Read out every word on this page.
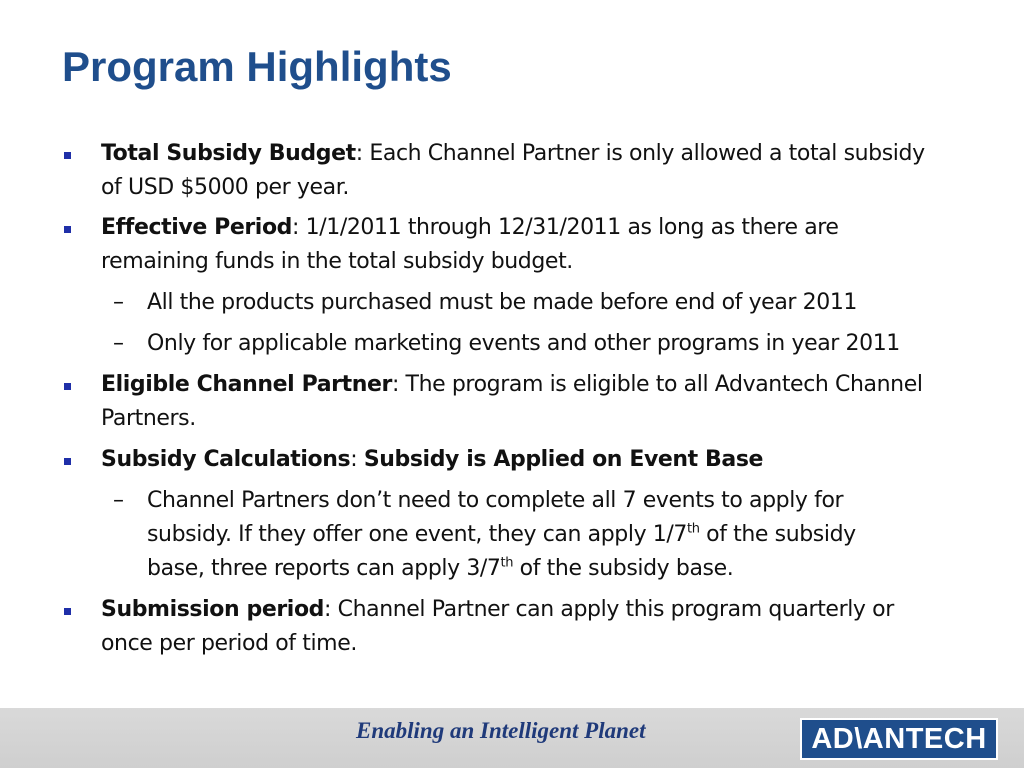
Program Highlights
Total Subsidy Budget: Each Channel Partner is only allowed a total subsidy
of USD $5000 per year.
Effective Period: 1/1/2011 through 12/31/2011 as long as there are
remaining funds in the total subsidy budget.
– All the products purchased must be made before end of year 2011
– Only for applicable marketing events and other programs in year 2011
Eligible Channel Partner: The program is eligible to all Advantech Channel
Partners.
Subsidy Calculations: Subsidy is Applied on Event Base
– Channel Partners don’t need to complete all 7 events to apply for
subsidy. If they offer one event, they can apply 1/7th of the subsidy
base, three reports can apply 3/7th of the subsidy base.
Submission period: Channel Partner can apply this program quarterly or
once per period of time.
Enabling an Intelligent Planet	AD\ANTECH
